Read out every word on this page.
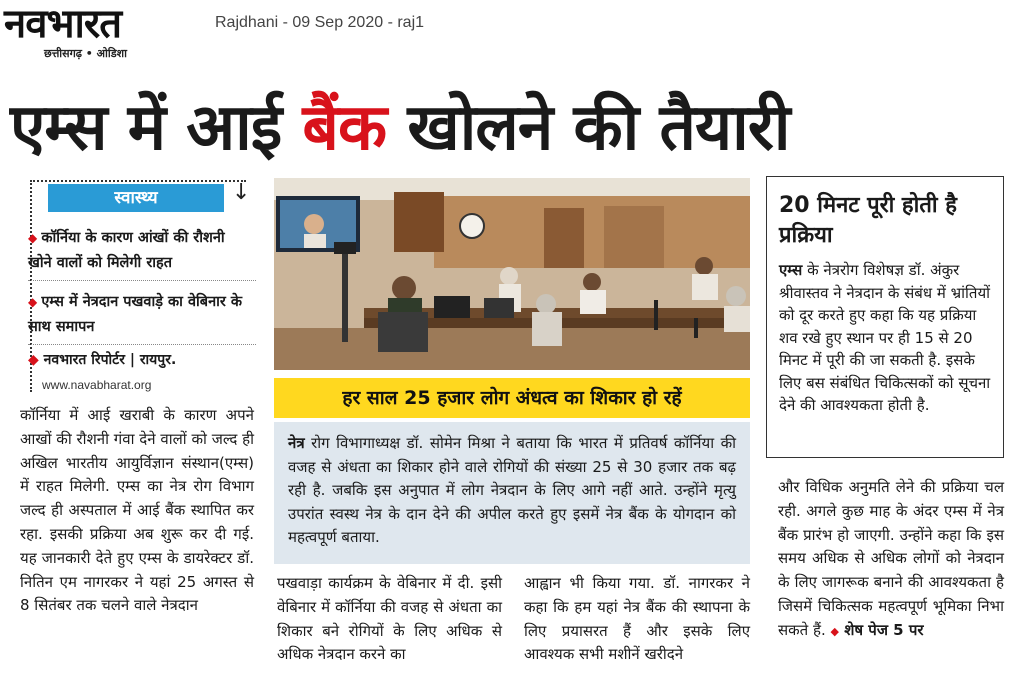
नवभारत
छत्तीसगढ़ • ओडिशा
Rajdhani - 09 Sep 2020 - raj1
एम्स में आई बैंक खोलने की तैयारी
स्वास्थ्य	↓
◆ कॉर्निया के कारण आंखों की रौशनी खोने वालों को मिलेगी राहत
◆ एम्स में नेत्रदान पखवाड़े का वेबिनार के साथ समापन
◆ नवभारत रिपोर्टर | रायपुर.
www.navabharat.org
कॉर्निया में आई खराबी के कारण अपने आखों की रौशनी गंवा देने वालों को जल्द ही अखिल भारतीय आयुर्विज्ञान संस्थान(एम्स) में राहत मिलेगी. एम्स का नेत्र रोग विभाग जल्द ही अस्पताल में आई बैंक स्थापित कर रहा. इसकी प्रक्रिया अब शुरू कर दी गई. यह जानकारी देते हुए एम्स के डायरेक्टर डॉ. नितिन एम नागरकर ने यहां 25 अगस्त से 8 सितंबर तक चलने वाले नेत्रदान
हर साल 25 हजार लोग अंधत्व का शिकार हो रहें
नेत्र रोग विभागाध्यक्ष डॉ. सोमेन मिश्रा ने बताया कि भारत में प्रतिवर्ष कॉर्निया की वजह से अंधता का शिकार होने वाले रोगियों की संख्या 25 से 30 हजार तक बढ़ रही है. जबकि इस अनुपात में लोग नेत्रदान के लिए आगे नहीं आते. उन्होंने मृत्यु उपरांत स्वस्थ नेत्र के दान देने की अपील करते हुए इसमें नेत्र बैंक के योगदान को महत्वपूर्ण बताया.
20 मिनट पूरी होती है प्रक्रिया

एम्स के नेत्ररोग विशेषज्ञ डॉ. अंकुर श्रीवास्तव ने नेत्रदान के संबंध में भ्रांतियों को दूर करते हुए कहा कि यह प्रक्रिया शव रखे हुए स्थान पर ही 15 से 20 मिनट में पूरी की जा सकती है. इसके लिए बस संबंधित चिकित्सकों को सूचना देने की आवश्यकता होती है.

पखवाड़ा कार्यक्रम के वेबिनार में दी. इसी वेबिनार में कॉर्निया की वजह से अंधता का शिकार बने रोगियों के लिए अधिक से अधिक नेत्रदान करने का
आह्वान भी किया गया. डॉ. नागरकर ने कहा कि हम यहां नेत्र बैंक की स्थापना के लिए प्रयासरत हैं और इसके लिए आवश्यक सभी मशीनें खरीदने
और विधिक अनुमति लेने की प्रक्रिया चल रही. अगले कुछ माह के अंदर एम्स में नेत्र बैंक प्रारंभ हो जाएगी. उन्होंने कहा कि इस समय अधिक से अधिक लोगों को नेत्रदान के लिए जागरूक बनाने की आवश्यकता है जिसमें चिकित्सक महत्वपूर्ण भूमिका निभा सकते हैं. ◆ शेष पेज 5 पर
